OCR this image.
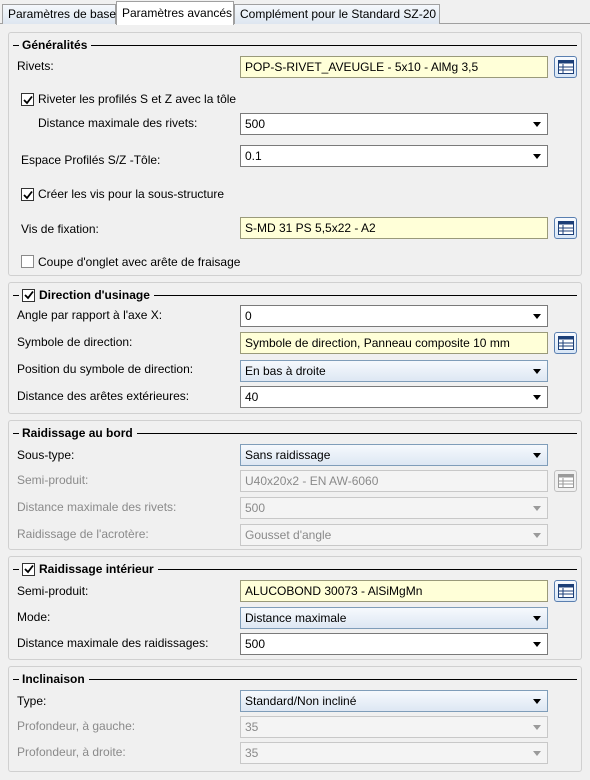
Paramètres de base Paramètres avancés Complément pour le Standard SZ-20
Généralités
Rivets:	POP-S-RIVET_AVEUGLE - 5x10 - AlMg 3,5
Riveter les profilés S et Z avec la tôle
Distance maximale des rivets:	500
Espace Profilés S/Z -Tôle:	0.1
Créer les vis pour la sous-structure
Vis de fixation:	S-MD 31 PS 5,5x22 - A2
Coupe d'onglet avec arête de fraisage
Direction d'usinage
Angle par rapport à l'axe X:	0
Symbole de direction:	Symbole de direction, Panneau composite 10 mm
Position du symbole de direction:	En bas à droite
Distance des arêtes extérieures:	40
Raidissage au bord
Sous-type:	Sans raidissage
Semi-produit:	U40x20x2 - EN AW-6060
Distance maximale des rivets:	500
Raidissage de l'acrotère:	Gousset d'angle
Raidissage intérieur
Semi-produit:	ALUCOBOND 30073 - AlSiMgMn
Mode:	Distance maximale
Distance maximale des raidissages:	500
Inclinaison
Type:	Standard/Non incliné
Profondeur, à gauche:	35
Profondeur, à droite:	35
